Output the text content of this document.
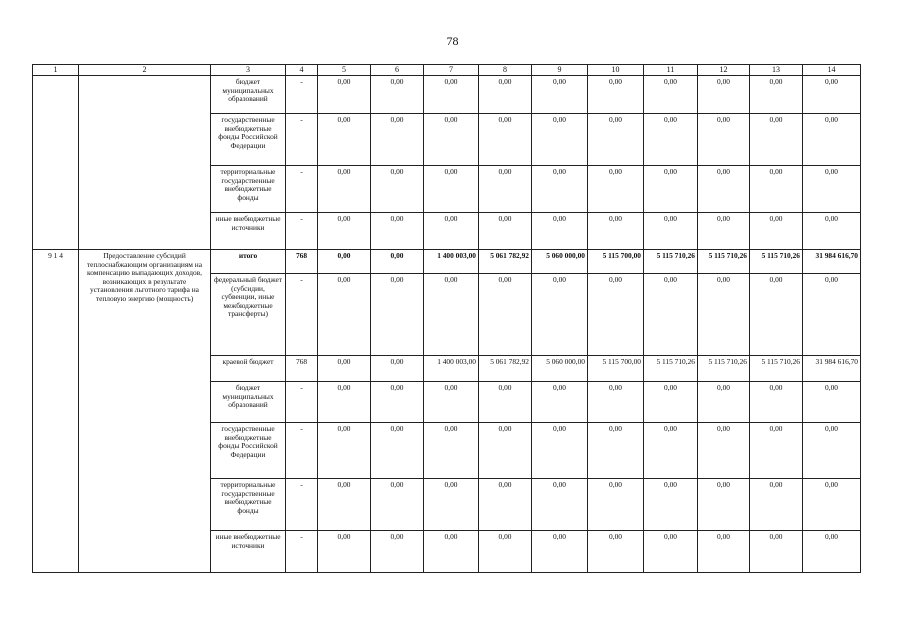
78
1	2	3	4	5	6	7	8	9	10	11	12	13	14
		бюджет муниципальных образований	-	0,00	0,00	0,00	0,00	0,00	0,00	0,00	0,00	0,00	0,00
		государственные внебюджетные фонды Российской Федерации	-	0,00	0,00	0,00	0,00	0,00	0,00	0,00	0,00	0,00	0,00
		территориальные государственные внебюджетные фонды	-	0,00	0,00	0,00	0,00	0,00	0,00	0,00	0,00	0,00	0,00
		иные внебюджетные источники	-	0,00	0,00	0,00	0,00	0,00	0,00	0,00	0,00	0,00	0,00
9 1 4	Предоставление субсидий теплоснабжающим организациям на компенсацию выпадающих доходов, возникающих в результате установления льготного тарифа на тепловую энергию (мощность)	итого	768	0,00	0,00	1 400 003,00	5 061 782,92	5 060 000,00	5 115 700,00	5 115 710,26	5 115 710,26	5 115 710,26	31 984 616,70
		федеральный бюджет (субсидии, субвенции, иные межбюджетные трансферты)	-	0,00	0,00	0,00	0,00	0,00	0,00	0,00	0,00	0,00	0,00
		краевой бюджет	768	0,00	0,00	1 400 003,00	5 061 782,92	5 060 000,00	5 115 700,00	5 115 710,26	5 115 710,26	5 115 710,26	31 984 616,70
		бюджет муниципальных образований	-	0,00	0,00	0,00	0,00	0,00	0,00	0,00	0,00	0,00	0,00
		государственные внебюджетные фонды Российской Федерации	-	0,00	0,00	0,00	0,00	0,00	0,00	0,00	0,00	0,00	0,00
		территориальные государственные внебюджетные фонды	-	0,00	0,00	0,00	0,00	0,00	0,00	0,00	0,00	0,00	0,00
		иные внебюджетные источники	-	0,00	0,00	0,00	0,00	0,00	0,00	0,00	0,00	0,00	0,00
